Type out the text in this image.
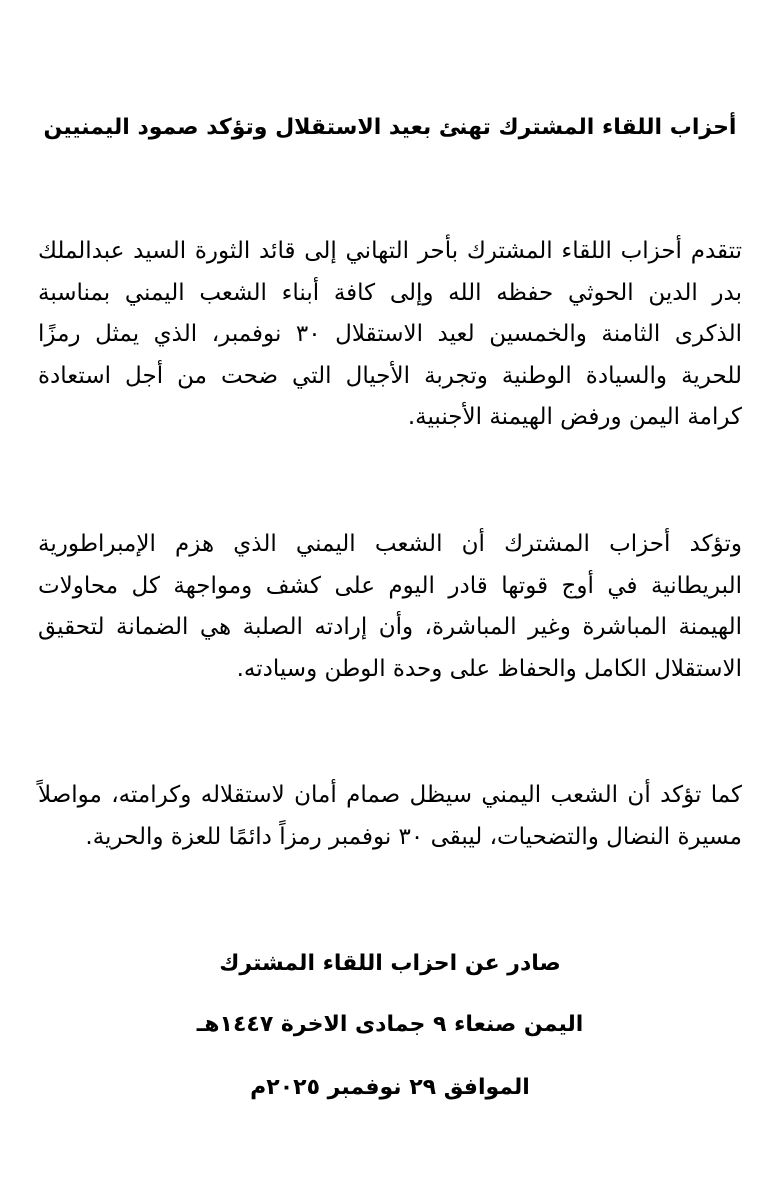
أحزاب اللقاء المشترك تهنئ بعيد الاستقلال وتؤكد صمود اليمنيين

تتقدم أحزاب اللقاء المشترك بأحر التهاني إلى قائد الثورة السيد عبدالملك بدر الدين الحوثي حفظه الله وإلى كافة أبناء الشعب اليمني بمناسبة الذكرى الثامنة والخمسين لعيد الاستقلال ٣٠ نوفمبر، الذي يمثل رمزًا للحرية والسيادة الوطنية وتجربة الأجيال التي ضحت من أجل استعادة كرامة اليمن ورفض الهيمنة الأجنبية.

وتؤكد أحزاب المشترك أن الشعب اليمني الذي هزم الإمبراطورية البريطانية في أوج قوتها قادر اليوم على كشف ومواجهة كل محاولات الهيمنة المباشرة وغير المباشرة، وأن إرادته الصلبة هي الضمانة لتحقيق الاستقلال الكامل والحفاظ على وحدة الوطن وسيادته.

كما تؤكد أن الشعب اليمني سيظل صمام أمان لاستقلاله وكرامته، مواصلاً مسيرة النضال والتضحيات، ليبقى ٣٠ نوفمبر رمزاً دائمًا للعزة والحرية.

صادر عن احزاب اللقاء المشترك

اليمن صنعاء ٩ جمادى الاخرة ١٤٤٧هـ

الموافق ٢٩ نوفمبر ٢٠٢٥م
